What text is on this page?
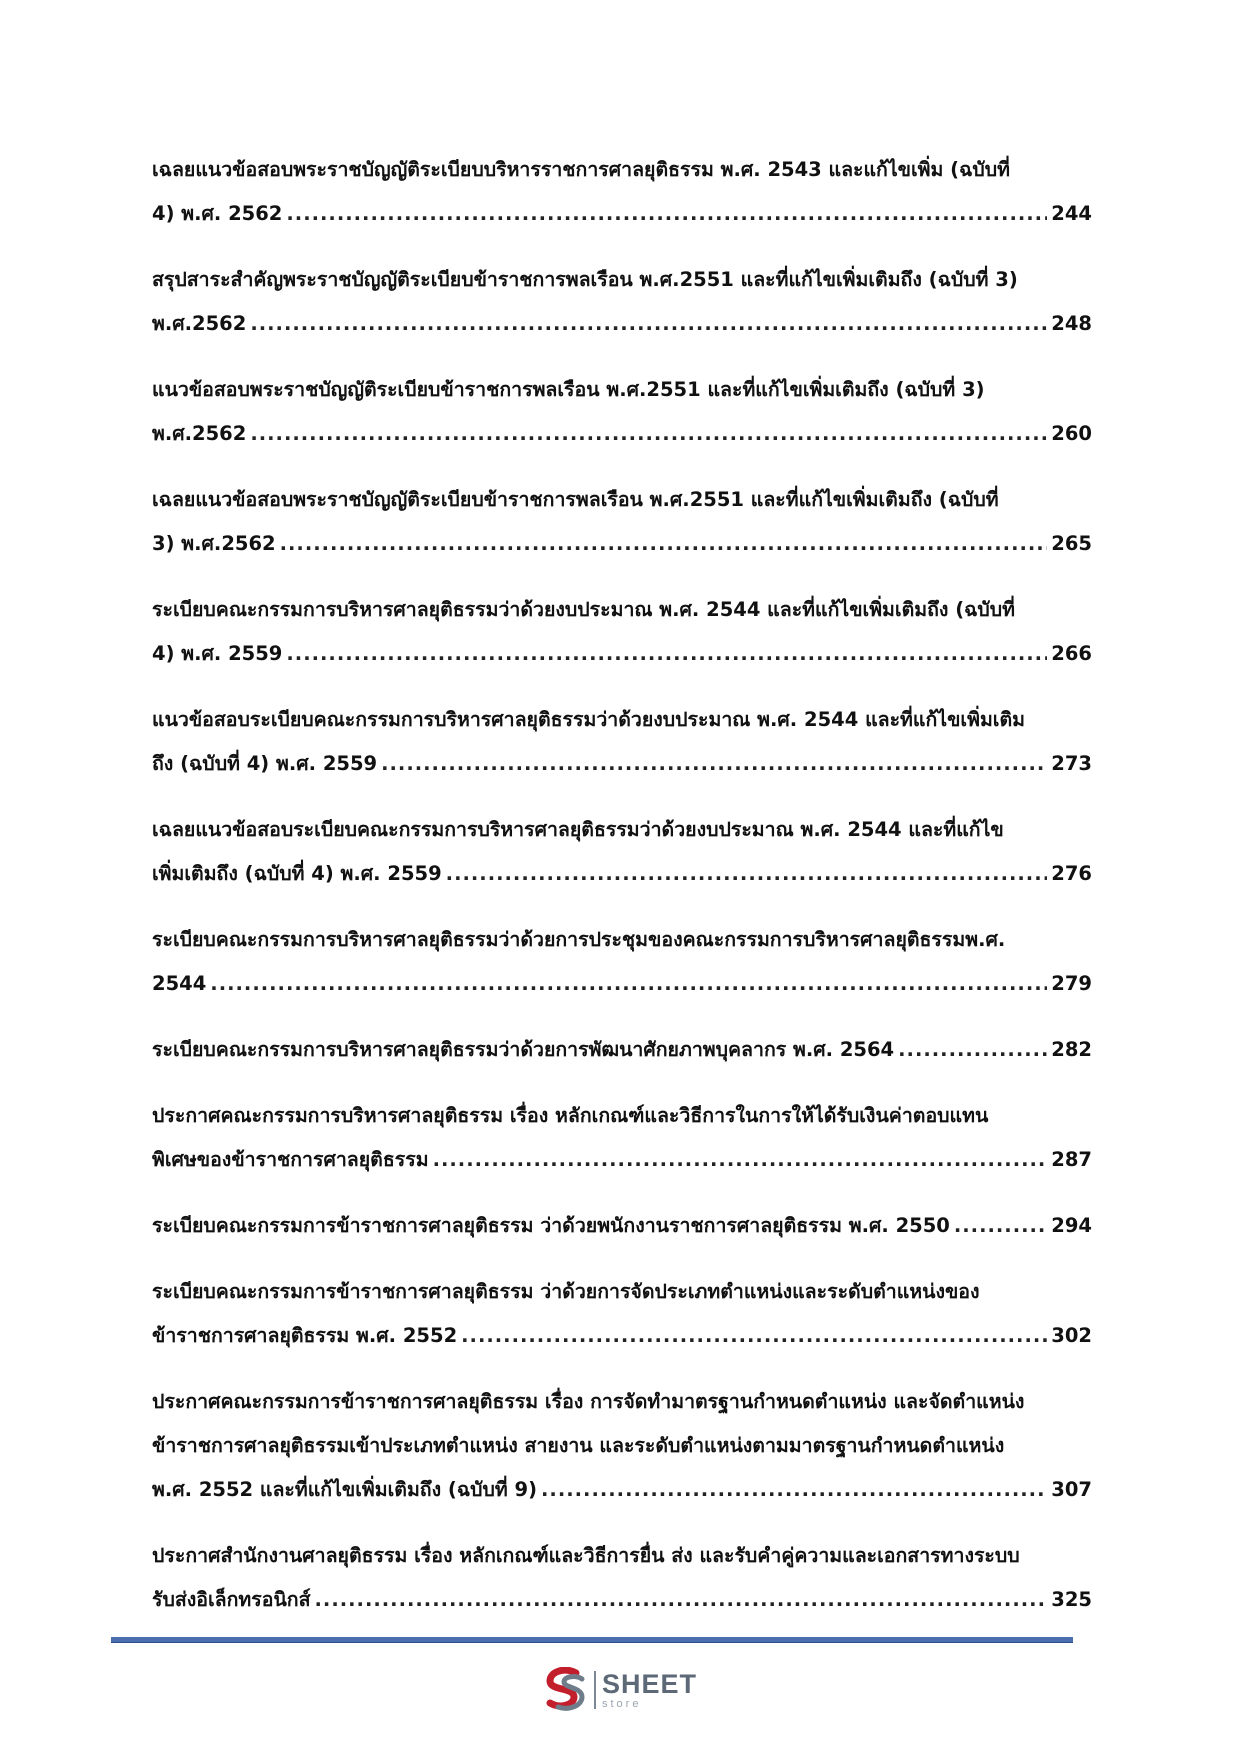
เฉลยแนวข้อสอบพระราชบัญญัติระเบียบบริหารราชการศาลยุติธรรม พ.ศ. 2543 และแก้ไขเพิ่ม (ฉบับที่
4) พ.ศ. 2562 .....	244
สรุปสาระสำคัญพระราชบัญญัติระเบียบข้าราชการพลเรือน พ.ศ.2551 และที่แก้ไขเพิ่มเติมถึง (ฉบับที่ 3)
พ.ศ.2562 .....	248
แนวข้อสอบพระราชบัญญัติระเบียบข้าราชการพลเรือน พ.ศ.2551 และที่แก้ไขเพิ่มเติมถึง (ฉบับที่ 3)
พ.ศ.2562 .....	260
เฉลยแนวข้อสอบพระราชบัญญัติระเบียบข้าราชการพลเรือน พ.ศ.2551 และที่แก้ไขเพิ่มเติมถึง (ฉบับที่
3) พ.ศ.2562 .....	265
ระเบียบคณะกรรมการบริหารศาลยุติธรรมว่าด้วยงบประมาณ พ.ศ. 2544 และที่แก้ไขเพิ่มเติมถึง (ฉบับที่
4) พ.ศ. 2559 .....	266
แนวข้อสอบระเบียบคณะกรรมการบริหารศาลยุติธรรมว่าด้วยงบประมาณ พ.ศ. 2544 และที่แก้ไขเพิ่มเติม
ถึง (ฉบับที่ 4) พ.ศ. 2559 .....	273
เฉลยแนวข้อสอบระเบียบคณะกรรมการบริหารศาลยุติธรรมว่าด้วยงบประมาณ พ.ศ. 2544 และที่แก้ไข
เพิ่มเติมถึง (ฉบับที่ 4) พ.ศ. 2559 .....	276
ระเบียบคณะกรรมการบริหารศาลยุติธรรมว่าด้วยการประชุมของคณะกรรมการบริหารศาลยุติธรรมพ.ศ.
2544 .....	279
ระเบียบคณะกรรมการบริหารศาลยุติธรรมว่าด้วยการพัฒนาศักยภาพบุคลากร พ.ศ. 2564 .....	282
ประกาศคณะกรรมการบริหารศาลยุติธรรม เรื่อง หลักเกณฑ์และวิธีการในการให้ได้รับเงินค่าตอบแทน
พิเศษของข้าราชการศาลยุติธรรม .....	287
ระเบียบคณะกรรมการข้าราชการศาลยุติธรรม ว่าด้วยพนักงานราชการศาลยุติธรรม พ.ศ. 2550 .....	294
ระเบียบคณะกรรมการข้าราชการศาลยุติธรรม ว่าด้วยการจัดประเภทตำแหน่งและระดับตำแหน่งของ
ข้าราชการศาลยุติธรรม พ.ศ. 2552 .....	302
ประกาศคณะกรรมการข้าราชการศาลยุติธรรม เรื่อง การจัดทำมาตรฐานกำหนดตำแหน่ง และจัดตำแหน่ง
ข้าราชการศาลยุติธรรมเข้าประเภทตำแหน่ง สายงาน และระดับตำแหน่งตามมาตรฐานกำหนดตำแหน่ง
พ.ศ. 2552 และที่แก้ไขเพิ่มเติมถึง (ฉบับที่ 9) .....	307
ประกาศสำนักงานศาลยุติธรรม เรื่อง หลักเกณฑ์และวิธีการยื่น ส่ง และรับคำคู่ความและเอกสารทางระบบ
รับส่งอิเล็กทรอนิกส์ .....	325
SHEET
store
